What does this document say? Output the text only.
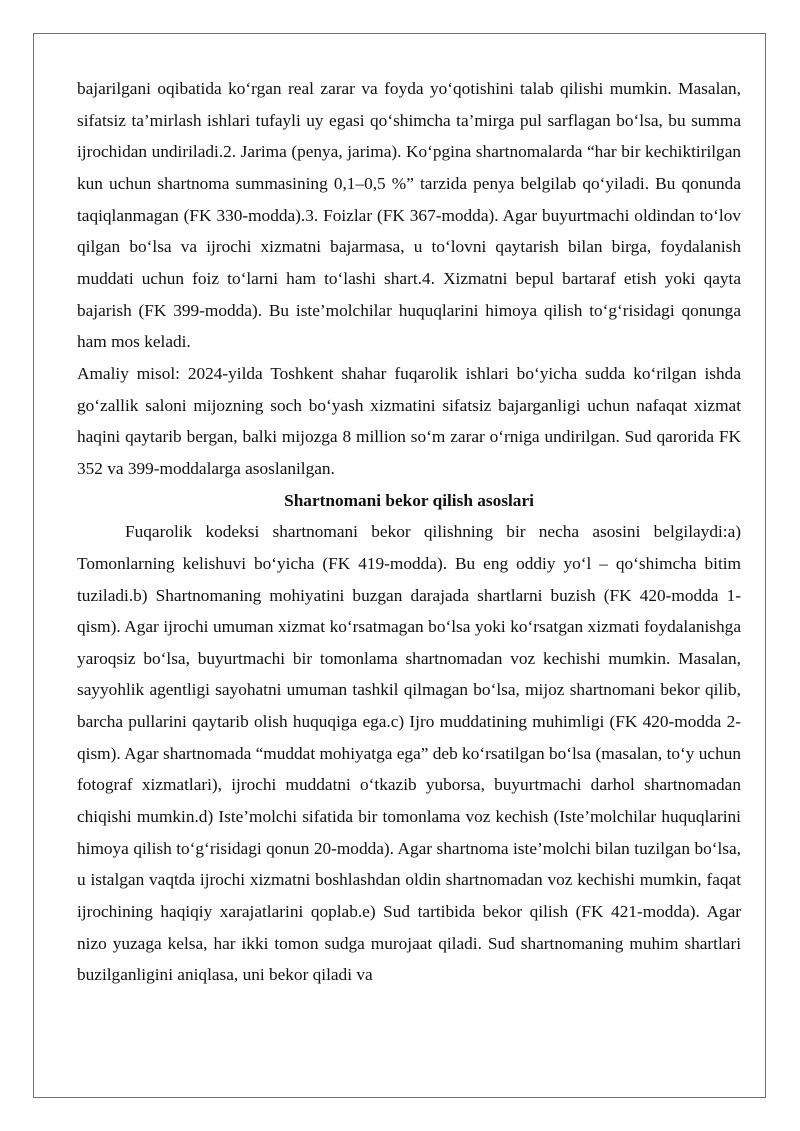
bajarilgani oqibatida ko‘rgan real zarar va foyda yo‘qotishini talab qilishi mumkin. Masalan, sifatsiz ta’mirlash ishlari tufayli uy egasi qo‘shimcha ta’mirga pul sarflagan bo‘lsa, bu summa ijrochidan undiriladi.2. Jarima (penya, jarima). Ko‘pgina shartnomalarda “har bir kechiktirilgan kun uchun shartnoma summasining 0,1–0,5 %” tarzida penya belgilab qo‘yiladi. Bu qonunda taqiqlanmagan (FK 330-modda).3. Foizlar (FK 367-modda). Agar buyurtmachi oldindan to‘lov qilgan bo‘lsa va ijrochi xizmatni bajarmasa, u to‘lovni qaytarish bilan birga, foydalanish muddati uchun foiz to‘larni ham to‘lashi shart.4. Xizmatni bepul bartaraf etish yoki qayta bajarish (FK 399-modda). Bu iste’molchilar huquqlarini himoya qilish to‘g‘risidagi qonunga ham mos keladi.

Amaliy misol: 2024-yilda Toshkent shahar fuqarolik ishlari bo‘yicha sudda ko‘rilgan ishda go‘zallik saloni mijozning soch bo‘yash xizmatini sifatsiz bajarganligi uchun nafaqat xizmat haqini qaytarib bergan, balki mijozga 8 million so‘m zarar o‘rniga undirilgan. Sud qarorida FK 352 va 399-moddalarga asoslanilgan.

Shartnomani bekor qilish asoslari

Fuqarolik kodeksi shartnomani bekor qilishning bir necha asosini belgilaydi:a) Tomonlarning kelishuvi bo‘yicha (FK 419-modda). Bu eng oddiy yo‘l – qo‘shimcha bitim tuziladi.b) Shartnomaning mohiyatini buzgan darajada shartlarni buzish (FK 420-modda 1-qism). Agar ijrochi umuman xizmat ko‘rsatmagan bo‘lsa yoki ko‘rsatgan xizmati foydalanishga yaroqsiz bo‘lsa, buyurtmachi bir tomonlama shartnomadan voz kechishi mumkin. Masalan, sayyohlik agentligi sayohatni umuman tashkil qilmagan bo‘lsa, mijoz shartnomani bekor qilib, barcha pullarini qaytarib olish huquqiga ega.c) Ijro muddatining muhimligi (FK 420-modda 2-qism). Agar shartnomada “muddat mohiyatga ega” deb ko‘rsatilgan bo‘lsa (masalan, to‘y uchun fotograf xizmatlari), ijrochi muddatni o‘tkazib yuborsa, buyurtmachi darhol shartnomadan chiqishi mumkin.d) Iste’molchi sifatida bir tomonlama voz kechish (Iste’molchilar huquqlarini himoya qilish to‘g‘risidagi qonun 20-modda). Agar shartnoma iste’molchi bilan tuzilgan bo‘lsa, u istalgan vaqtda ijrochi xizmatni boshlashdan oldin shartnomadan voz kechishi mumkin, faqat ijrochining haqiqiy xarajatlarini qoplab.e) Sud tartibida bekor qilish (FK 421-modda). Agar nizo yuzaga kelsa, har ikki tomon sudga murojaat qiladi. Sud shartnomaning muhim shartlari buzilganligini aniqlasa, uni bekor qiladi va
